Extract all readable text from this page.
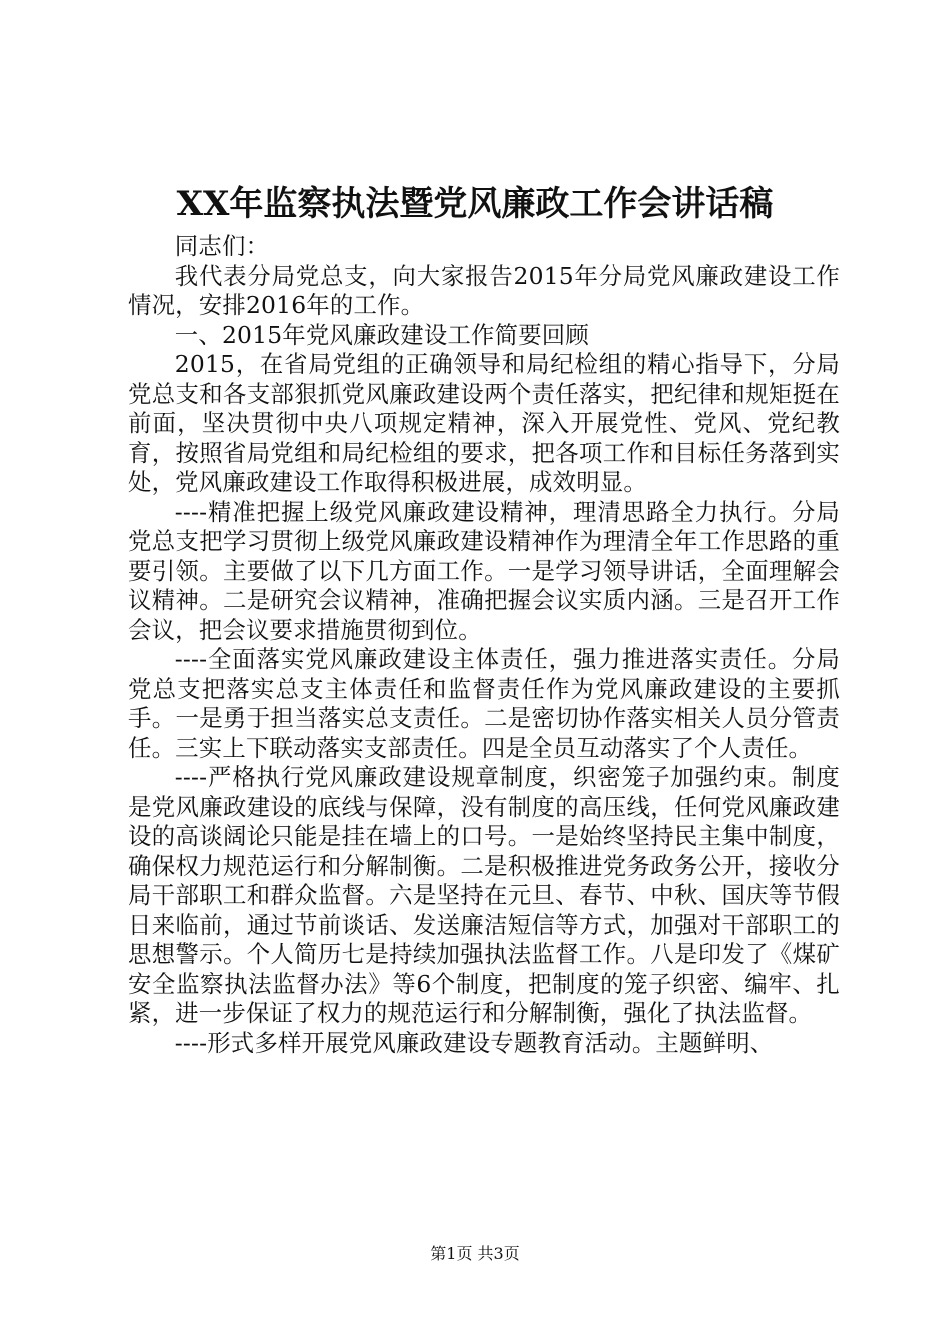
XX年监察执法暨党风廉政工作会讲话稿

同志们：

我代表分局党总支，向大家报告2015年分局党风廉政建设工作情况，安排2016年的工作。

一、2015年党风廉政建设工作简要回顾

2015，在省局党组的正确领导和局纪检组的精心指导下，分局党总支和各支部狠抓党风廉政建设两个责任落实，把纪律和规矩挺在前面，坚决贯彻中央八项规定精神，深入开展党性、党风、党纪教育，按照省局党组和局纪检组的要求，把各项工作和目标任务落到实处，党风廉政建设工作取得积极进展，成效明显。

----精准把握上级党风廉政建设精神，理清思路全力执行。分局党总支把学习贯彻上级党风廉政建设精神作为理清全年工作思路的重要引领。主要做了以下几方面工作。一是学习领导讲话，全面理解会议精神。二是研究会议精神，准确把握会议实质内涵。三是召开工作会议，把会议要求措施贯彻到位。

----全面落实党风廉政建设主体责任，强力推进落实责任。分局党总支把落实总支主体责任和监督责任作为党风廉政建设的主要抓手。一是勇于担当落实总支责任。二是密切协作落实相关人员分管责任。三实上下联动落实支部责任。四是全员互动落实了个人责任。

----严格执行党风廉政建设规章制度，织密笼子加强约束。制度是党风廉政建设的底线与保障，没有制度的高压线，任何党风廉政建设的高谈阔论只能是挂在墙上的口号。一是始终坚持民主集中制度，确保权力规范运行和分解制衡。二是积极推进党务政务公开，接收分局干部职工和群众监督。六是坚持在元旦、春节、中秋、国庆等节假日来临前，通过节前谈话、发送廉洁短信等方式，加强对干部职工的思想警示。个人简历七是持续加强执法监督工作。八是印发了《煤矿安全监察执法监督办法》等6个制度，把制度的笼子织密、编牢、扎紧，进一步保证了权力的规范运行和分解制衡，强化了执法监督。

----形式多样开展党风廉政建设专题教育活动。主题鲜明、

第1页 共3页
